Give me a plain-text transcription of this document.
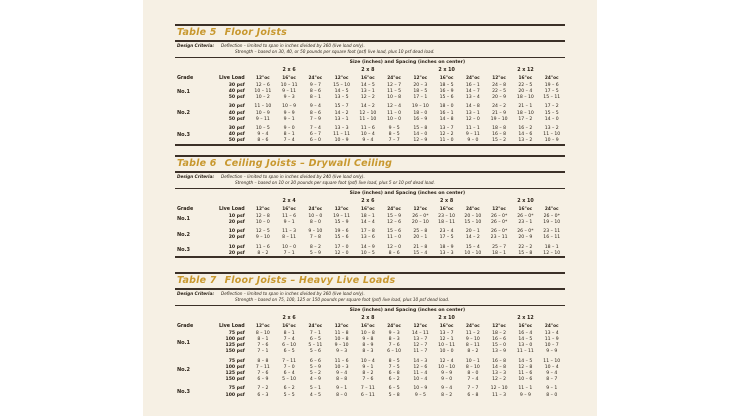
Table 5 Floor Joists
Design Criteria:	Deflection – limited to span in inches divided by 360 (live load only).
Strength – based on 30, 40, or 50 pounds per square foot (psf) live load, plus 10 psf dead load.
		Size (inches) and Spacing (inches on center)											
		2 x 6			2 x 8			2 x 10			2 x 12		
Grade	Live Load	12"oc	16"oc	24"oc	12"oc	16"oc	24"oc	12"oc	16"oc	24"oc	12"oc	16"oc	24"oc
No.1	30 psf	12 – 6	10 – 11	9 – 7	15 – 10	14 – 5	12 – 7	20 – 3	18 – 5	16 – 1	24 – 8	22 – 5	19 – 6
	40 psf	10 – 11	9 – 11	8 – 6	14 – 5	13 – 1	11 – 5	18 – 5	16 – 9	14 – 7	22 – 5	20 – 4	17 – 5
	50 psf	10 – 2	9 – 3	8 – 1	13 – 5	12 – 2	10 – 8	17 – 1	15 – 6	13 – 4	20 – 9	18 – 10	15 – 11

No.2	30 psf	11 – 10	10 – 9	9 – 4	15 – 7	14 – 2	12 – 4	19 – 10	18 – 0	14 – 8	24 – 2	21 – 1	17 – 2
	40 psf	10 – 9	9 – 9	8 – 6	14 – 2	12 – 10	11 – 0	18 – 0	16 – 1	13 – 1	21 – 9	18 – 10	15 – 5
	50 psf	9 – 11	9 – 1	7 – 9	13 – 1	11 – 10	10 – 0	16 – 9	14 – 8	12 – 0	19 – 10	17 – 2	14 – 0

No.3	30 psf	10 – 5	9 – 0	7 – 4	13 – 3	11 – 6	9 – 5	15 – 8	13 – 7	11 – 1	18 – 8	16 – 2	13 – 2
	40 psf	9 – 4	8 – 1	6 – 7	11 – 11	10 – 4	8 – 5	14 – 0	12 – 2	9 – 11	16 – 8	14 – 6	11 – 10
	50 psf	8 – 6	7 – 4	6 – 0	10 – 9	9 – 4	7 – 7	12 – 9	11 – 0	9 – 0	15 – 2	13 – 2	10 – 9
Table 6 Ceiling Joists – Drywall Ceiling
Design Criteria:	Deflection – limited to span in inches divided by 240 (live load only).
Strength – based on 10 or 20 pounds per square foot (psf) live load, plus 5 or 10 psf dead load.
		Size (inches) and Spacing (inches on center)											
		2 x 4			2 x 6			2 x 8			2 x 10		
Grade	Live Load	12"oc	16"oc	24"oc	12"oc	16"oc	24"oc	12"oc	16"oc	24"oc	12"oc	16"oc	24"oc
No.1	10 psf	12 – 8	11 – 6	10 – 0	19 – 11	18 – 1	15 – 9	26 – 0*	23 – 10	20 – 10	26 – 0*	26 – 0*	26 – 0*
	20 psf	10 – 0	9 – 1	8 – 0	15 – 9	14 – 4	12 – 6	20 – 10	18 – 11	15 – 10	26 – 0*	23 – 1	19 – 10

No.2	10 psf	12 – 5	11 – 3	9 – 10	19 – 6	17 – 8	15 – 6	25 – 8	23 – 4	20 – 1	26 – 0*	26 – 0*	23 – 11
	20 psf	9 – 10	8 – 11	7 – 8	15 – 6	13 – 6	11 – 0	20 – 1	17 – 5	14 – 2	23 – 11	20 – 9	16 – 11

No.3	10 psf	11 – 6	10 – 0	8 – 2	17 – 0	14 – 9	12 – 0	21 – 8	18 – 9	15 – 4	25 – 7	22 – 2	18 – 1
	20 psf	8 – 2	7 – 1	5 – 9	12 – 0	10 – 5	8 – 6	15 – 4	13 – 3	10 – 10	18 – 1	15 – 8	12 – 10
Table 7 Floor Joists – Heavy Live Loads
Design Criteria:	Deflection – limited to span in inches divided by 360 (live load only).
Strength – based on 75, 100, 125 or 150 pounds per square foot (psf) live load, plus 10 psf dead load.
		Size (inches) and Spacing (inches on center)											
		2 x 6			2 x 8			2 x 10			2 x 12		
Grade	Live Load	12"oc	16"oc	24"oc	12"oc	16"oc	24"oc	12"oc	16"oc	24"oc	12"oc	16"oc	24"oc
No.1	75 psf	8 – 10	8 – 1	7 – 1	11 – 8	10 – 8	9 – 3	14 – 11	13 – 7	11 – 2	18 – 2	16 – 4	13 – 4
	100 psf	8 – 1	7 – 4	6 – 5	10 – 8	9 – 8	8 – 3	13 – 7	12 – 1	9 – 10	16 – 6	14 – 5	11 – 9
	125 psf	7 – 6	6 – 10	5 – 11	9 – 10	8 – 9	7 – 6	12 – 7	10 – 11	8 – 11	15 – 0	13 – 0	10 – 7
	150 psf	7 – 1	6 – 5	5 – 6	9 – 3	8 – 3	6 – 10	11 – 7	10 – 0	8 – 2	13 – 9	11 – 11	9 – 9

No.2	75 psf	8 – 8	7 – 11	6 – 6	11 – 6	10 – 4	8 – 5	14 – 3	12 – 4	10 – 1	16 – 8	14 – 5	11 – 10
	100 psf	7 – 11	7 – 0	5 – 9	10 – 3	9 – 1	7 – 5	12 – 6	10 – 10	8 – 10	14 – 8	12 – 8	10 – 4
	125 psf	7 – 6	6 – 4	5 – 2	9 – 4	8 – 2	6 – 8	11 – 4	9 – 9	8 – 0	13 – 3	11 – 6	9 – 4
	150 psf	6 – 9	5 – 10	4 – 9	8 – 8	7 – 6	6 – 2	10 – 4	9 – 0	7 – 4	12 – 2	10 – 6	8 – 7

No.3	75 psf	7 – 2	6 – 2	5 – 1	9 – 1	7 – 11	6 – 5	10 – 9	9 – 4	7 – 7	12 – 10	11 – 1	9 – 1
	100 psf	6 – 3	5 – 5	4 – 5	8 – 0	6 – 11	5 – 8	9 – 5	8 – 2	6 – 8	11 – 3	9 – 9	8 – 0
